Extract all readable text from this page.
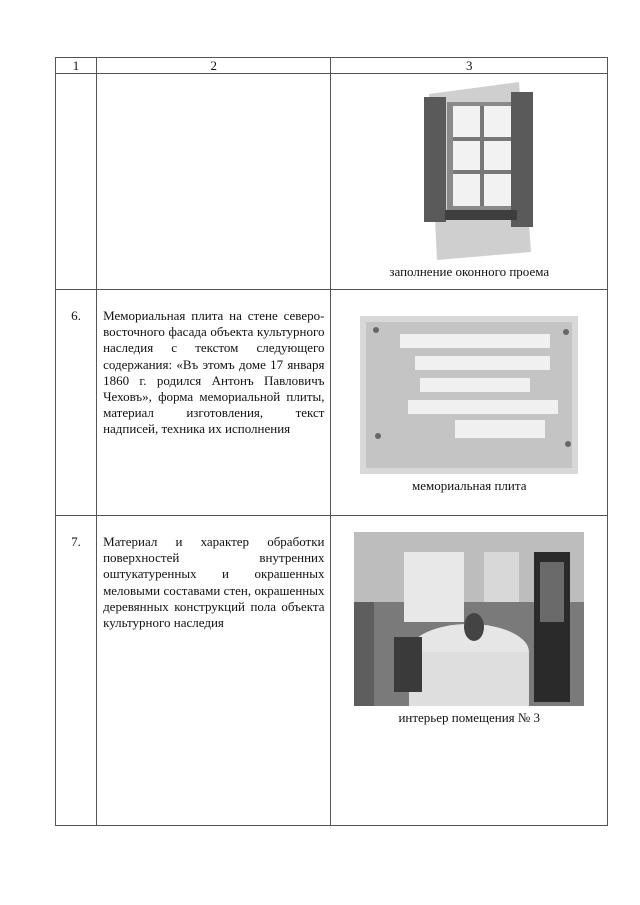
1	2	3

		заполнение оконного проема

6.	Мемориальная плита на стене северо-восточного фасада объекта культурного наследия с текстом следующего содержания: «Въ этомъ доме 17 января 1860 г. родился Антонъ Павловичъ Чеховъ», форма мемориальной плиты, материал изготовления, текст надписей, техника их исполнения	мемориальная плита

7.	Материал и характер обработки поверхностей внутренних оштукатуренных и окрашенных меловыми составами стен, окрашенных деревянных конструкций пола объекта культурного наследия	интерьер помещения № 3
